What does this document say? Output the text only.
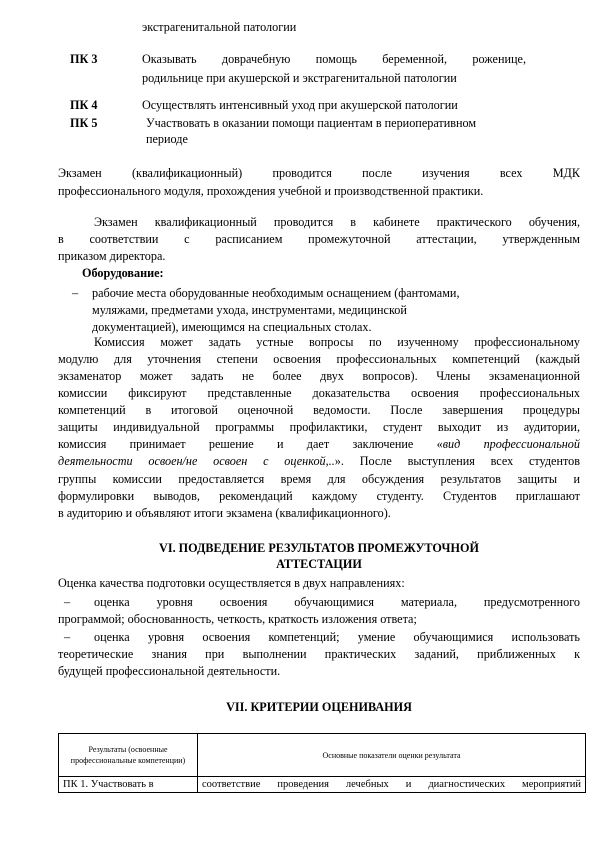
экстрагенитальной патологии
ПК 3	Оказывать доврачебную помощь беременной, роженице,
родильнице при акушерской и экстрагенитальной патологии
ПК 4	Осуществлять интенсивный уход при акушерской патологии
ПК 5	Участвовать в оказании помощи пациентам в периоперативном
периоде
Экзамен (квалификационный) проводится после изучения всех МДК
профессионального модуля, прохождения учебной и производственной практики.
Экзамен квалификационный проводится в кабинете практического обучения,
в соответствии с расписанием промежуточной аттестации, утвержденным
приказом директора.
Оборудование:
– рабочие места оборудованные необходимым оснащением (фантомами,
муляжами, предметами ухода, инструментами, медицинской
документацией), имеющимся на специальных столах.
Комиссия может задать устные вопросы по изученному профессиональному
модулю для уточнения степени освоения профессиональных компетенций (каждый
экзаменатор может задать не более двух вопросов). Члены экзаменационной
комиссии фиксируют представленные доказательства освоения профессиональных
компетенций в итоговой оценочной ведомости. После завершения процедуры
защиты индивидуальной программы профилактики, студент выходит из аудитории,
комиссия принимает решение и дает заключение «вид профессиональной
деятельности освоен/не освоен с оценкой,..». После выступления всех студентов
группы комиссии предоставляется время для обсуждения результатов защиты и
формулировки выводов, рекомендаций каждому студенту. Студентов приглашают
в аудиторию и объявляют итоги экзамена (квалификационного).
VI. ПОДВЕДЕНИЕ РЕЗУЛЬТАТОВ ПРОМЕЖУТОЧНОЙ
АТТЕСТАЦИИ
Оценка качества подготовки осуществляется в двух направлениях:
– оценка уровня освоения обучающимися материала, предусмотренного
программой; обоснованность, четкость, краткость изложения ответа;
– оценка уровня освоения компетенций; умение обучающимися использовать
теоретические знания при выполнении практических заданий, приближенных к
будущей профессиональной деятельности.
VII. КРИТЕРИИ ОЦЕНИВАНИЯ
Результаты (освоенные профессиональные компетенции)	Основные показатели оценки результата
ПК 1. Участвовать в	соответствие проведения лечебных и диагностических мероприятий
